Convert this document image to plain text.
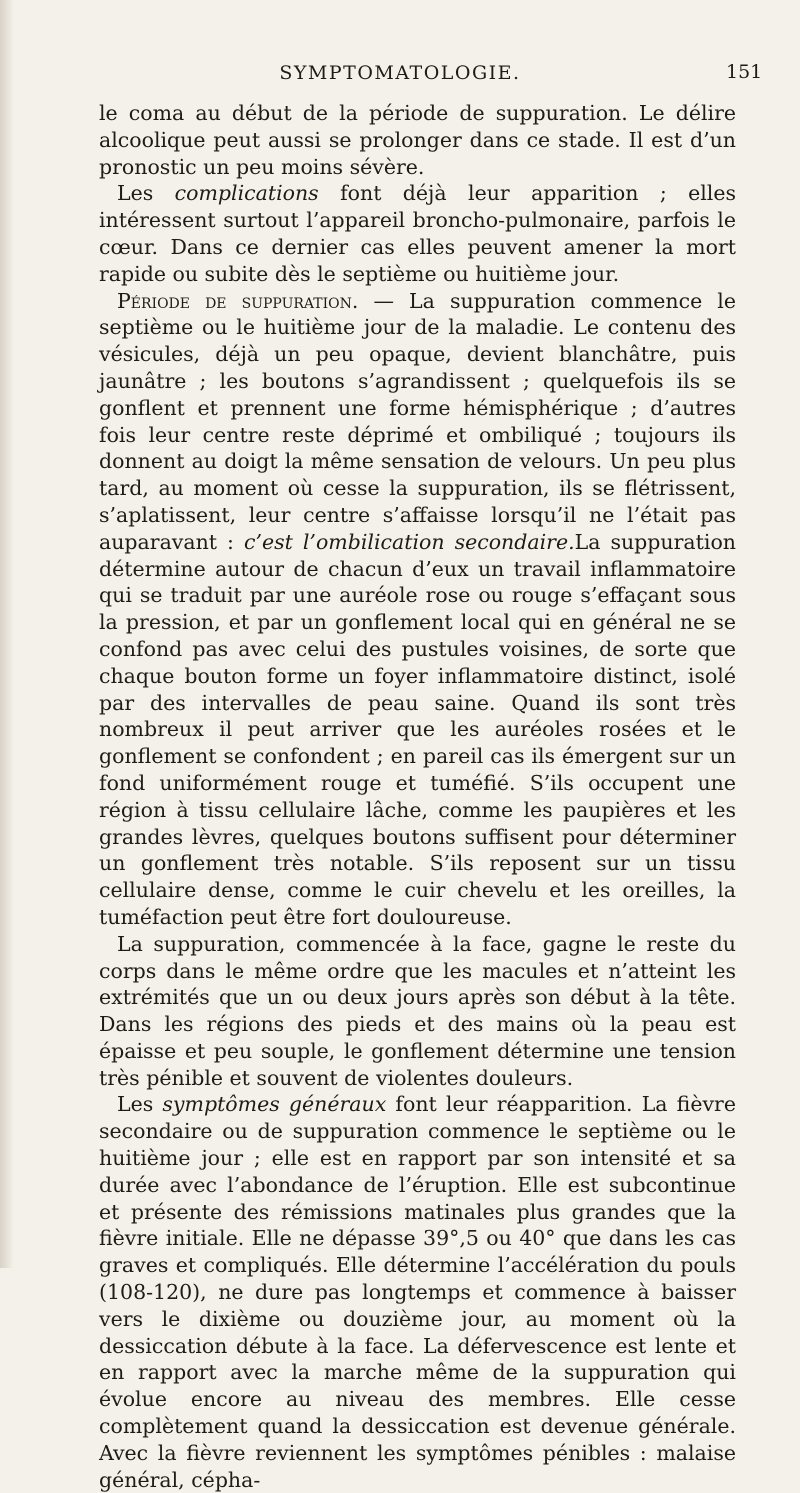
SYMPTOMATOLOGIE.	151

le coma au début de la période de suppuration. Le délire alcoolique peut aussi se prolonger dans ce stade. Il est d’un pronostic un peu moins sévère.

Les complications font déjà leur apparition ; elles intéressent surtout l’appareil broncho-pulmonaire, parfois le cœur. Dans ce dernier cas elles peuvent amener la mort rapide ou subite dès le septième ou huitième jour.

Période de suppuration. — La suppuration commence le septième ou le huitième jour de la maladie. Le contenu des vésicules, déjà un peu opaque, devient blanchâtre, puis jaunâtre ; les boutons s’agrandissent ; quelquefois ils se gonflent et prennent une forme hémisphérique ; d’autres fois leur centre reste déprimé et ombiliqué ; toujours ils donnent au doigt la même sensation de velours. Un peu plus tard, au moment où cesse la suppuration, ils se flétrissent, s’aplatissent, leur centre s’affaisse lorsqu’il ne l’était pas auparavant : c’est l’ombilication secondaire.La suppuration détermine autour de chacun d’eux un travail inflammatoire qui se traduit par une auréole rose ou rouge s’effaçant sous la pression, et par un gonflement local qui en général ne se confond pas avec celui des pustules voisines, de sorte que chaque bouton forme un foyer inflammatoire distinct, isolé par des intervalles de peau saine. Quand ils sont très nombreux il peut arriver que les auréoles rosées et le gonflement se confondent ; en pareil cas ils émergent sur un fond uniformément rouge et tuméfié. S’ils occupent une région à tissu cellulaire lâche, comme les paupières et les grandes lèvres, quelques boutons suffisent pour déterminer un gonflement très notable. S’ils reposent sur un tissu cellulaire dense, comme le cuir chevelu et les oreilles, la tuméfaction peut être fort douloureuse.

La suppuration, commencée à la face, gagne le reste du corps dans le même ordre que les macules et n’atteint les extrémités que un ou deux jours après son début à la tête. Dans les régions des pieds et des mains où la peau est épaisse et peu souple, le gonflement détermine une tension très pénible et souvent de violentes douleurs.

Les symptômes généraux font leur réapparition. La fièvre secondaire ou de suppuration commence le septième ou le huitième jour ; elle est en rapport par son intensité et sa durée avec l’abondance de l’éruption. Elle est subcontinue et présente des rémissions matinales plus grandes que la fièvre initiale. Elle ne dépasse 39°,5 ou 40° que dans les cas graves et compliqués. Elle détermine l’accélération du pouls (108-120), ne dure pas longtemps et commence à baisser vers le dixième ou douzième jour, au moment où la dessiccation débute à la face. La défervescence est lente et en rapport avec la marche même de la suppuration qui évolue encore au niveau des membres. Elle cesse complètement quand la dessiccation est devenue générale. Avec la fièvre reviennent les symptômes pénibles : malaise général, cépha-
